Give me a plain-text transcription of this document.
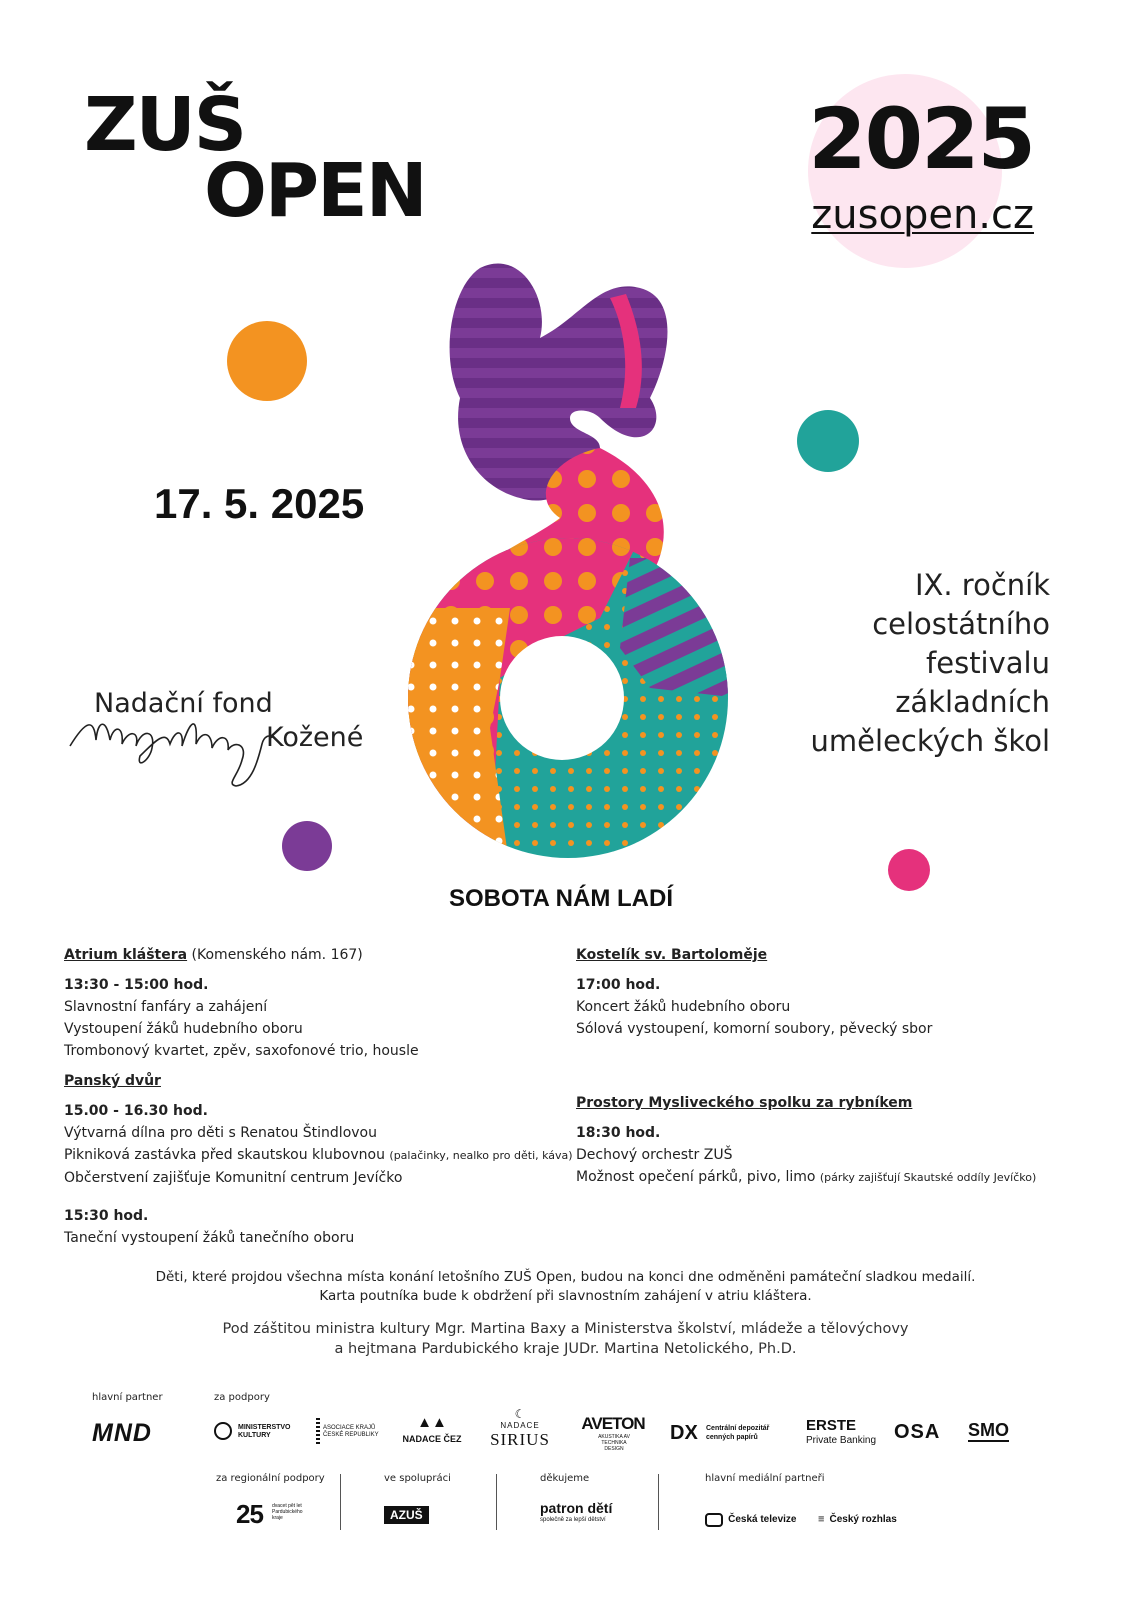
ZUŠ
OPEN
2025
zusopen.cz
17. 5. 2025
IX. ročník
celostátního
festivalu
základních
uměleckých škol
Nadační fond
Kožené
SOBOTA NÁM LADÍ
Atrium kláštera (Komenského nám. 167)
13:30 - 15:00 hod.
Slavnostní fanfáry a zahájení
Vystoupení žáků hudebního oboru
Trombonový kvartet, zpěv, saxofonové trio, housle
Panský dvůr
15.00 - 16.30 hod.
Výtvarná dílna pro děti s Renatou Štindlovou
Pikniková zastávka před skautskou klubovnou (palačinky, nealko pro děti, káva)
Občerstvení zajišťuje Komunitní centrum Jevíčko
15:30 hod.
Taneční vystoupení žáků tanečního oboru
Kostelík sv. Bartoloměje
17:00 hod.
Koncert žáků hudebního oboru
Sólová vystoupení, komorní soubory, pěvecký sbor
Prostory Mysliveckého spolku za rybníkem
18:30 hod.
Dechový orchestr ZUŠ
Možnost opečení párků, pivo, limo (párky zajišťují Skautské oddíly Jevíčko)
Děti, které projdou všechna místa konání letošního ZUŠ Open, budou na konci dne odměněni památeční sladkou medailí.
Karta poutníka bude k obdržení při slavnostním zahájení v atriu kláštera.
Pod záštitou ministra kultury Mgr. Martina Baxy a Ministerstva školství, mládeže a tělovýchovy
a hejtmana Pardubického kraje JUDr. Martina Netolického, Ph.D.
hlavní partner	za podpory
MND	MINISTERSTVO KULTURY
ASOCIACE KRAJŮ ČESKÉ REPUBLIKY
▲▲
NADACE ČEZ
☾
NADACE
SIRIUS
AVETON
AKUSTIKA AV TECHNIKA DESIGN
DX Centrální depozitář cenných papírů
ERSTE
Private Banking OSA SMO
za regionální podpory	ve spolupráci	děkujeme	hlavní mediální partneři
25 dvacet pět let Pardubického kraje	AZUŠ	patron dětí
společně za lepší dětství	Česká televize ≡ Český rozhlas
